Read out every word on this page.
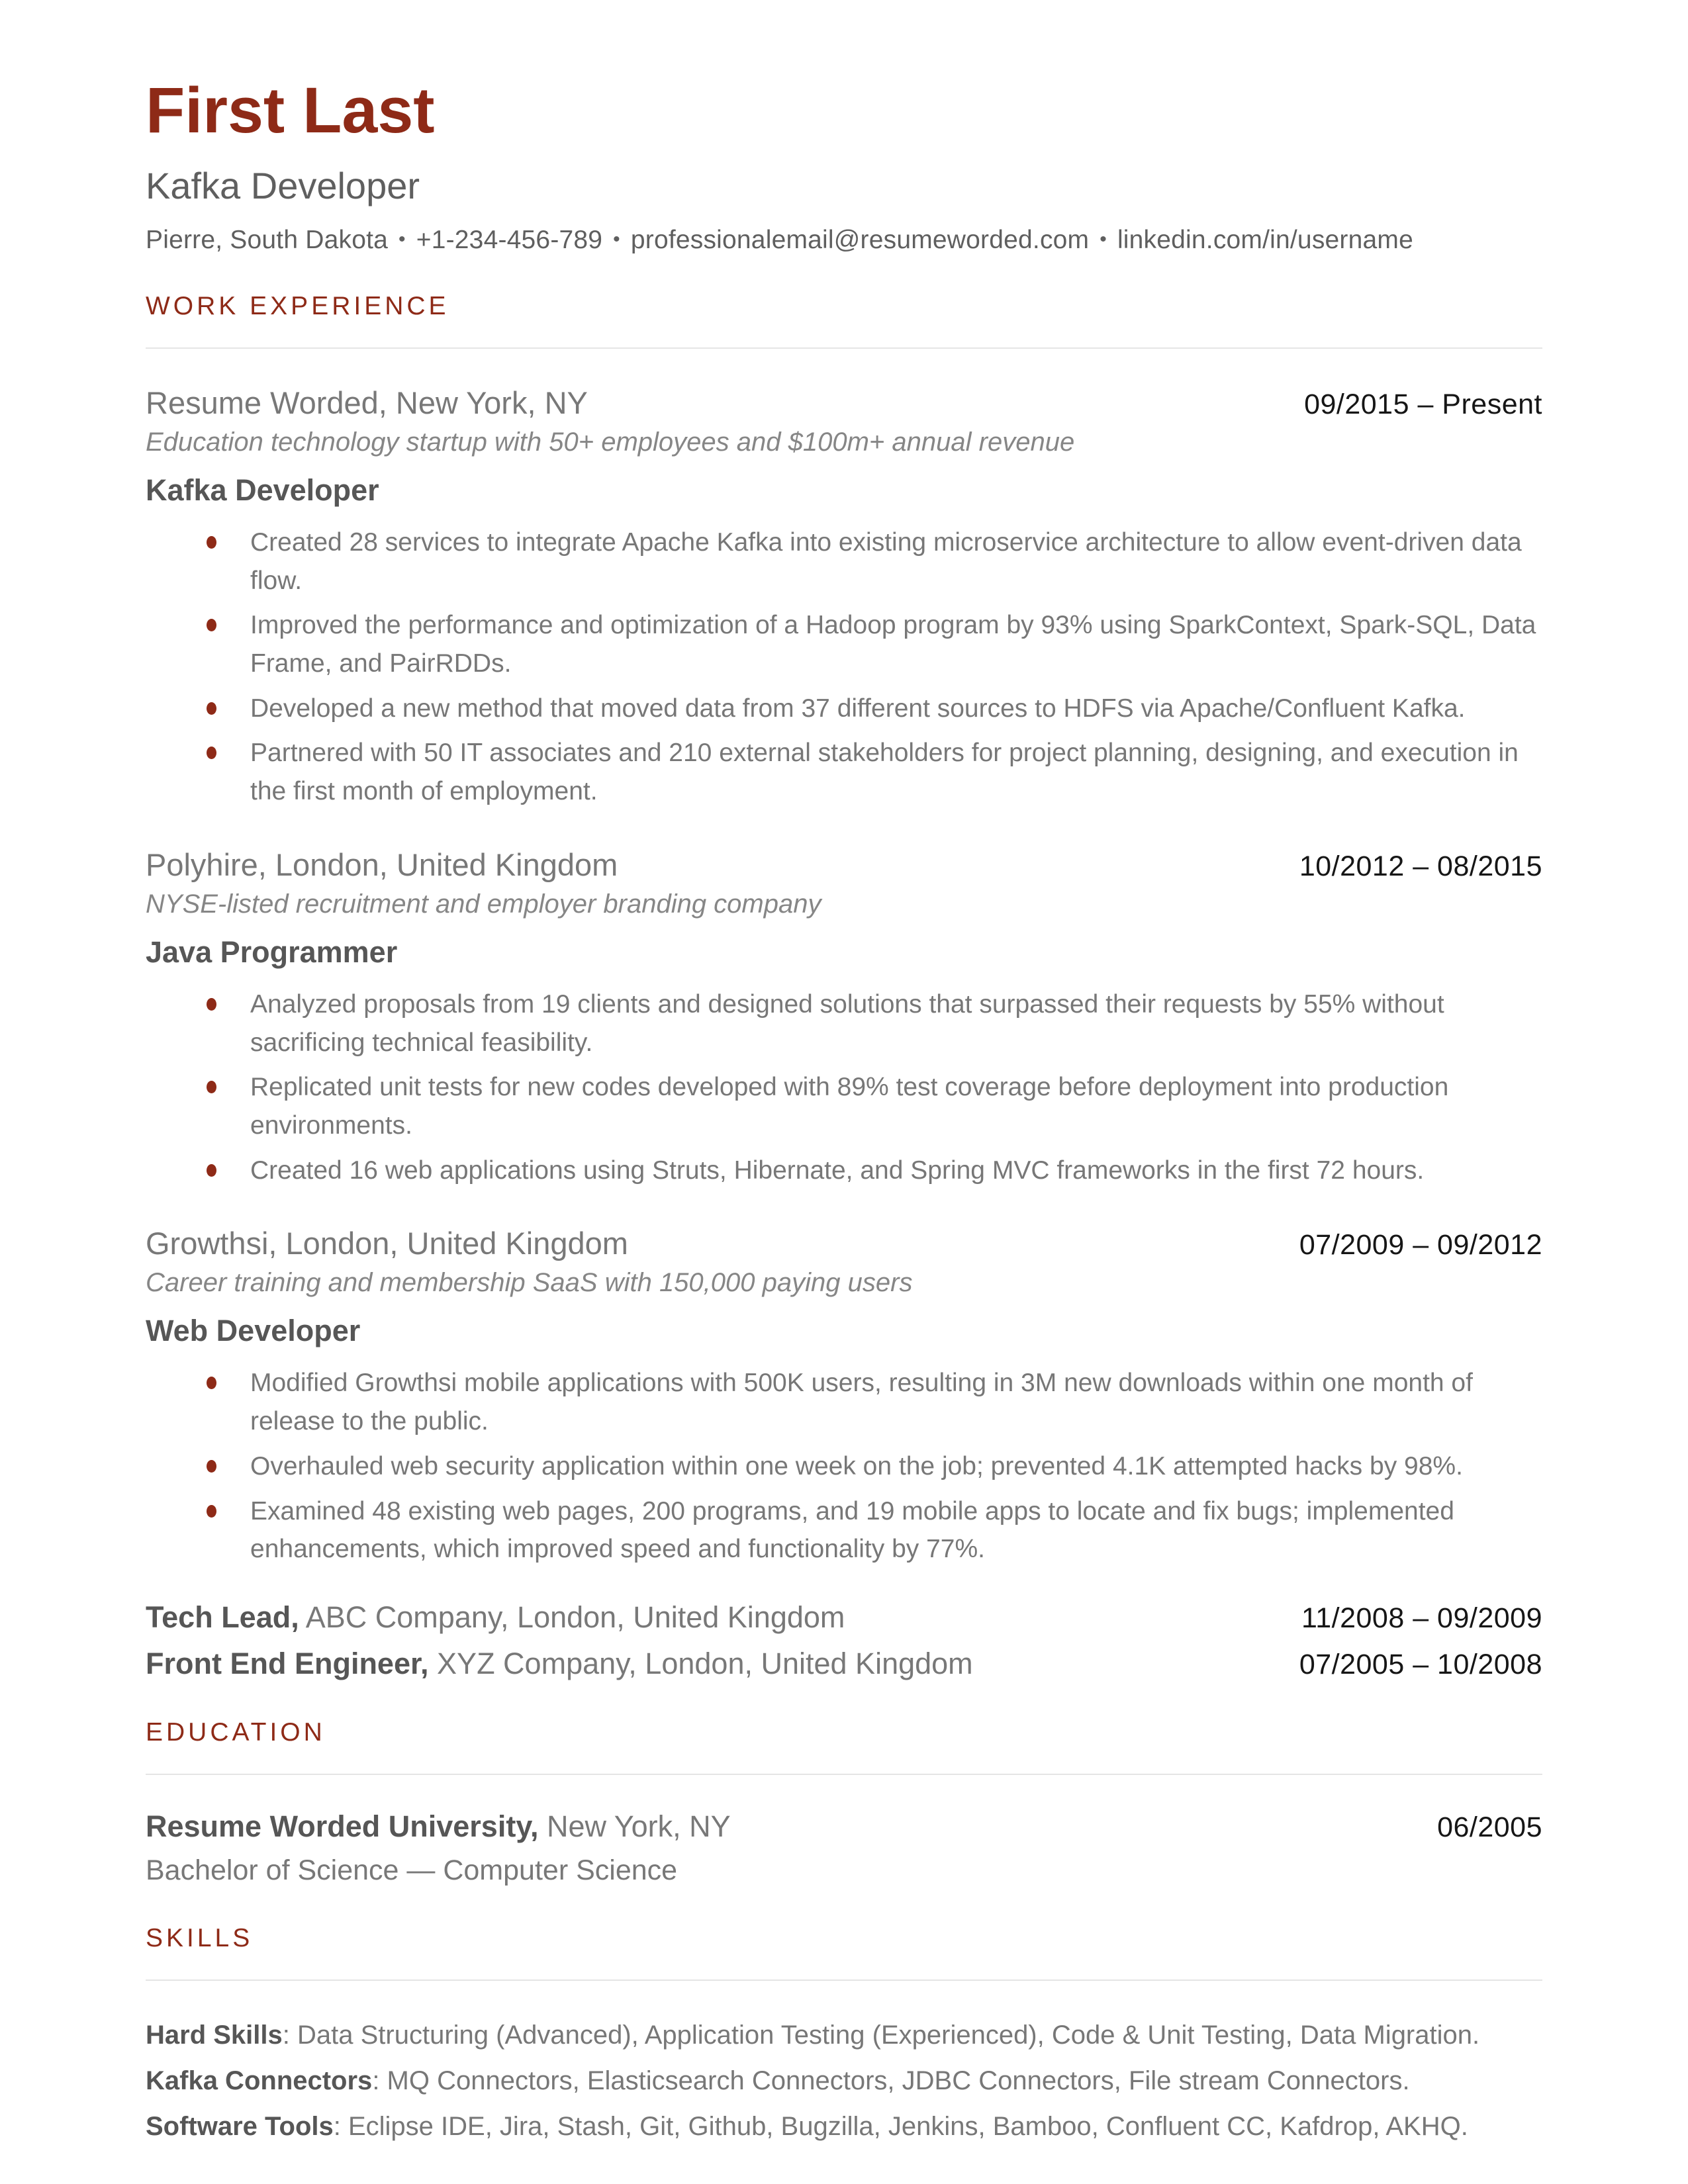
First Last
Kafka Developer
Pierre, South Dakota • +1-234-456-789 • professionalemail@resumeworded.com • linkedin.com/in/username
WORK EXPERIENCE
Resume Worded, New York, NY	09/2015 – Present
Education technology startup with 50+ employees and $100m+ annual revenue
Kafka Developer
Created 28 services to integrate Apache Kafka into existing microservice architecture to allow event-driven data flow.
Improved the performance and optimization of a Hadoop program by 93% using SparkContext, Spark-SQL, Data Frame, and PairRDDs.
Developed a new method that moved data from 37 different sources to HDFS via Apache/Confluent Kafka.
Partnered with 50 IT associates and 210 external stakeholders for project planning, designing, and execution in the first month of employment.
Polyhire, London, United Kingdom	10/2012 – 08/2015
NYSE-listed recruitment and employer branding company
Java Programmer
Analyzed proposals from 19 clients and designed solutions that surpassed their requests by 55% without sacrificing technical feasibility.
Replicated unit tests for new codes developed with 89% test coverage before deployment into production environments.
Created 16 web applications using Struts, Hibernate, and Spring MVC frameworks in the first 72 hours.
Growthsi, London, United Kingdom	07/2009 – 09/2012
Career training and membership SaaS with 150,000 paying users
Web Developer
Modified Growthsi mobile applications with 500K users, resulting in 3M new downloads within one month of release to the public.
Overhauled web security application within one week on the job; prevented 4.1K attempted hacks by 98%.
Examined 48 existing web pages, 200 programs, and 19 mobile apps to locate and fix bugs; implemented enhancements, which improved speed and functionality by 77%.
Tech Lead, ABC Company, London, United Kingdom	11/2008 – 09/2009
Front End Engineer, XYZ Company, London, United Kingdom	07/2005 – 10/2008
EDUCATION
Resume Worded University, New York, NY	06/2005
Bachelor of Science — Computer Science
SKILLS
Hard Skills: Data Structuring (Advanced), Application Testing (Experienced), Code & Unit Testing, Data Migration.
Kafka Connectors: MQ Connectors, Elasticsearch Connectors, JDBC Connectors, File stream Connectors.
Software Tools: Eclipse IDE, Jira, Stash, Git, Github, Bugzilla, Jenkins, Bamboo, Confluent CC, Kafdrop, AKHQ.
